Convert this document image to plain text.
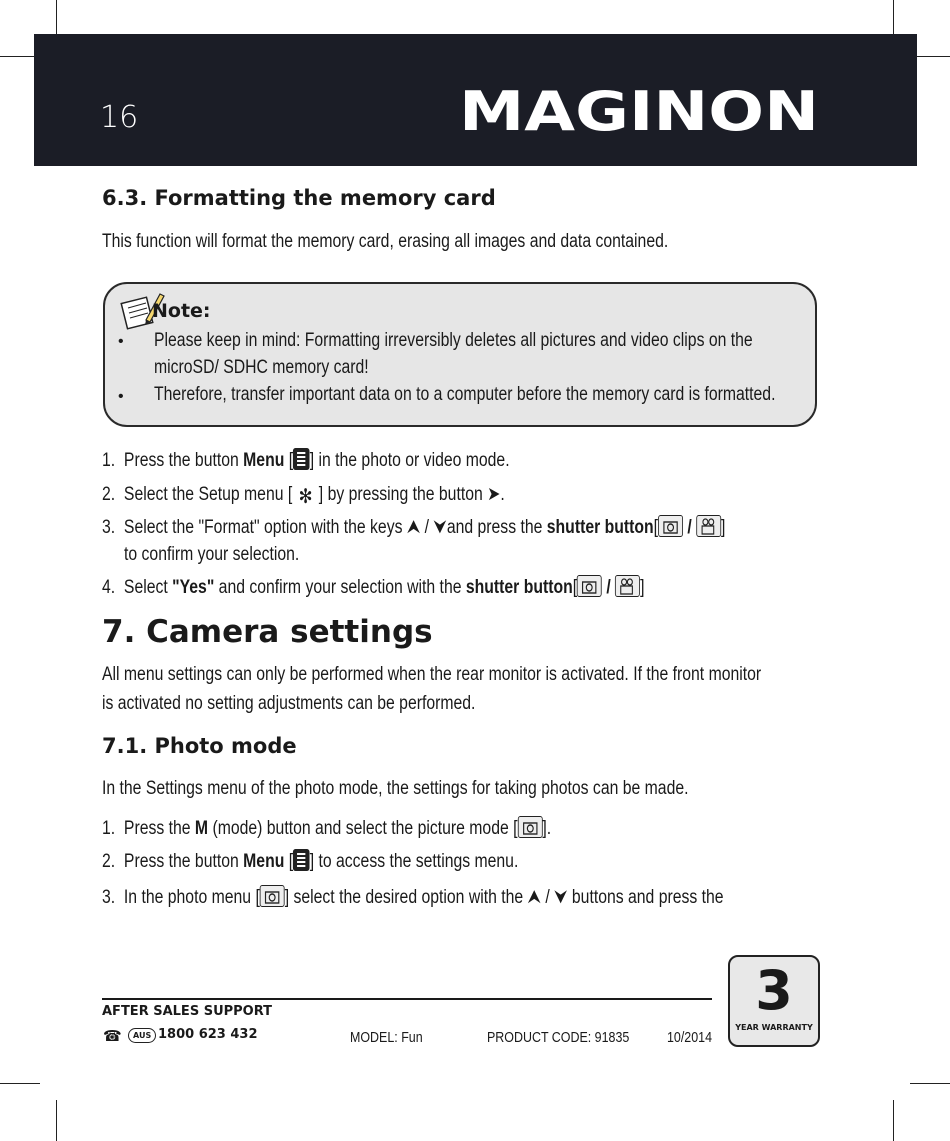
16	MAGINON
6.3. Formatting the memory card
This function will format the memory card, erasing all images and data contained.
Note:
• Please keep in mind: Formatting irreversibly deletes all pictures and video clips on the
microSD/ SDHC memory card!
• Therefore, transfer important data on to a computer before the memory card is formatted.
1. Press the button Menu [ ] in the photo or video mode.
2. Select the Setup menu [ ✻ ] by pressing the button ➤.
3. Select the "Format" option with the keys ⮝ / ⮟and press the shutter button[ / ]
to confirm your selection.
4. Select "Yes" and confirm your selection with the shutter button[ / ]
7. Camera settings
All menu settings can only be performed when the rear monitor is activated. If the front monitor
is activated no setting adjustments can be performed.
7.1. Photo mode
In the Settings menu of the photo mode, the settings for taking photos can be made.
1. Press the M (mode) button and select the picture mode [ ].
2. Press the button Menu [ ] to access the settings menu.
3. In the photo menu [ ] select the desired option with the ⮝ / ⮟ buttons and press the
AFTER SALES SUPPORT
☎	AUS 1800 623 432	MODEL: Fun	PRODUCT CODE: 91835	10/2014
3
YEAR WARRANTY
